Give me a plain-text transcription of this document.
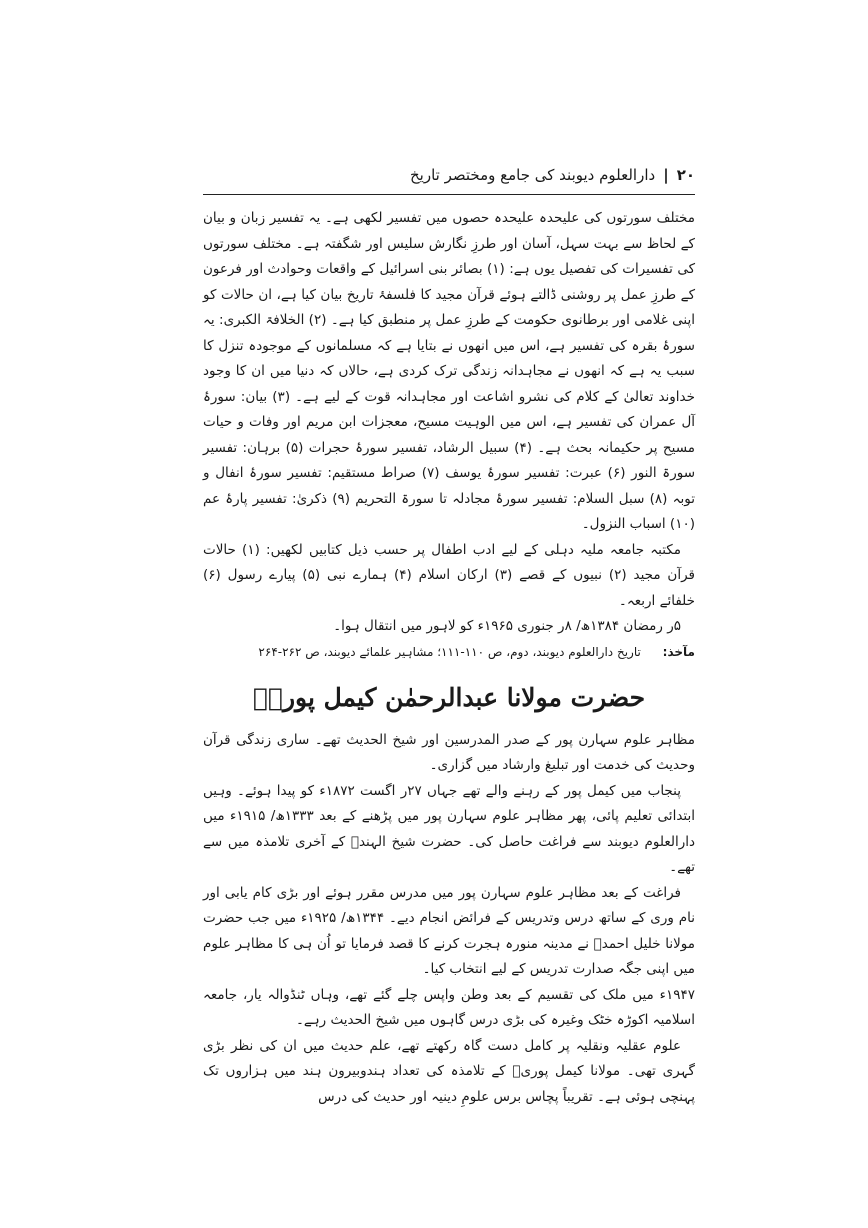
۲۰
|
دارالعلوم دیوبند کی جامع ومختصر تاریخ

مختلف سورتوں کی علیحدہ علیحدہ حصوں میں تفسیر لکھی ہے۔ یہ تفسیر زبان و بیان کے لحاظ سے بہت سہل، آسان اور طرزِ نگارش سلیس اور شگفتہ ہے۔ مختلف سورتوں کی تفسیرات کی تفصیل یوں ہے: (۱) بصائر بنی اسرائیل کے واقعات وحوادث اور فرعون کے طرزِ عمل پر روشنی ڈالتے ہوئے قرآن مجید کا فلسفۂ تاریخ بیان کیا ہے، ان حالات کو اپنی غلامی اور برطانوی حکومت کے طرزِ عمل پر منطبق کیا ہے۔ (۲) الخلافۃ الکبری: یہ سورۂ بقرہ کی تفسیر ہے، اس میں انھوں نے بتایا ہے کہ مسلمانوں کے موجودہ تنزل کا سبب یہ ہے کہ انھوں نے مجاہدانہ زندگی ترک کردی ہے، حالاں کہ دنیا میں ان کا وجود خداوند تعالیٰ کے کلام کی نشرو اشاعت اور مجاہدانہ قوت کے لیے ہے۔ (۳) بیان: سورۂ آل عمران کی تفسیر ہے، اس میں الوہیت مسیح، معجزات ابن مریم اور وفات و حیات مسیح پر حکیمانہ بحث ہے۔ (۴) سبیل الرشاد، تفسیر سورۂ حجرات (۵) برہان: تفسیر سورۃ النور (۶) عبرت: تفسیر سورۂ یوسف (۷) صراط مستقیم: تفسیر سورۂ انفال و توبہ (۸) سبل السلام: تفسیر سورۂ مجادلہ تا سورۃ التحریم (۹) ذکریٰ: تفسیر پارۂ عم (۱۰) اسباب النزول۔

مکتبہ جامعہ ملیہ دہلی کے لیے ادب اطفال پر حسب ذیل کتابیں لکھیں: (۱) حالات قرآن مجید (۲) نبیوں کے قصے (۳) ارکان اسلام (۴) ہمارے نبی (۵) پیارے رسول (۶) خلفائے اربعہ۔

۵ر رمضان ۱۳۸۴ھ/ ۸ر جنوری ۱۹۶۵ء کو لاہور میں انتقال ہوا۔

مآخذ: تاریخ دارالعلوم دیوبند، دوم، ص ۱۱۰-۱۱۱؛ مشاہیر علمائے دیوبند، ص ۲۶۲-۲۶۴

حضرت مولانا عبدالرحمٰن کیمل پوریؒ

مظاہر علوم سہارن پور کے صدر المدرسین اور شیخ الحدیث تھے۔ ساری زندگی قرآن وحدیث کی خدمت اور تبلیغ وارشاد میں گزاری۔

پنجاب میں کیمل پور کے رہنے والے تھے جہاں ۲۷ر اگست ۱۸۷۲ء کو پیدا ہوئے۔ وہیں ابتدائی تعلیم پائی، پھر مظاہر علوم سہارن پور میں پڑھنے کے بعد ۱۳۳۳ھ/ ۱۹۱۵ء میں دارالعلوم دیوبند سے فراغت حاصل کی۔ حضرت شیخ الہندؒ کے آخری تلامذہ میں سے تھے۔

فراغت کے بعد مظاہر علوم سہارن پور میں مدرس مقرر ہوئے اور بڑی کام یابی اور نام وری کے ساتھ درس وتدریس کے فرائض انجام دیے۔ ۱۳۴۴ھ/ ۱۹۲۵ء میں جب حضرت مولانا خلیل احمدؒ نے مدینہ منورہ ہجرت کرنے کا قصد فرمایا تو اُن ہی کا مظاہر علوم میں اپنی جگہ صدارت تدریس کے لیے انتخاب کیا۔

۱۹۴۷ء میں ملک کی تقسیم کے بعد وطن واپس چلے گئے تھے، وہاں ٹنڈوالہ یار، جامعہ اسلامیہ اکوڑہ خٹک وغیرہ کی بڑی درس گاہوں میں شیخ الحدیث رہے۔

علوم عقلیہ ونقلیہ پر کامل دست گاہ رکھتے تھے، علم حدیث میں ان کی نظر بڑی گہری تھی۔ مولانا کیمل پوریؒ کے تلامذہ کی تعداد ہندوبیرون ہند میں ہزاروں تک پہنچی ہوئی ہے۔ تقریباً پچاس برس علومِ دینیہ اور حدیث کی درس
